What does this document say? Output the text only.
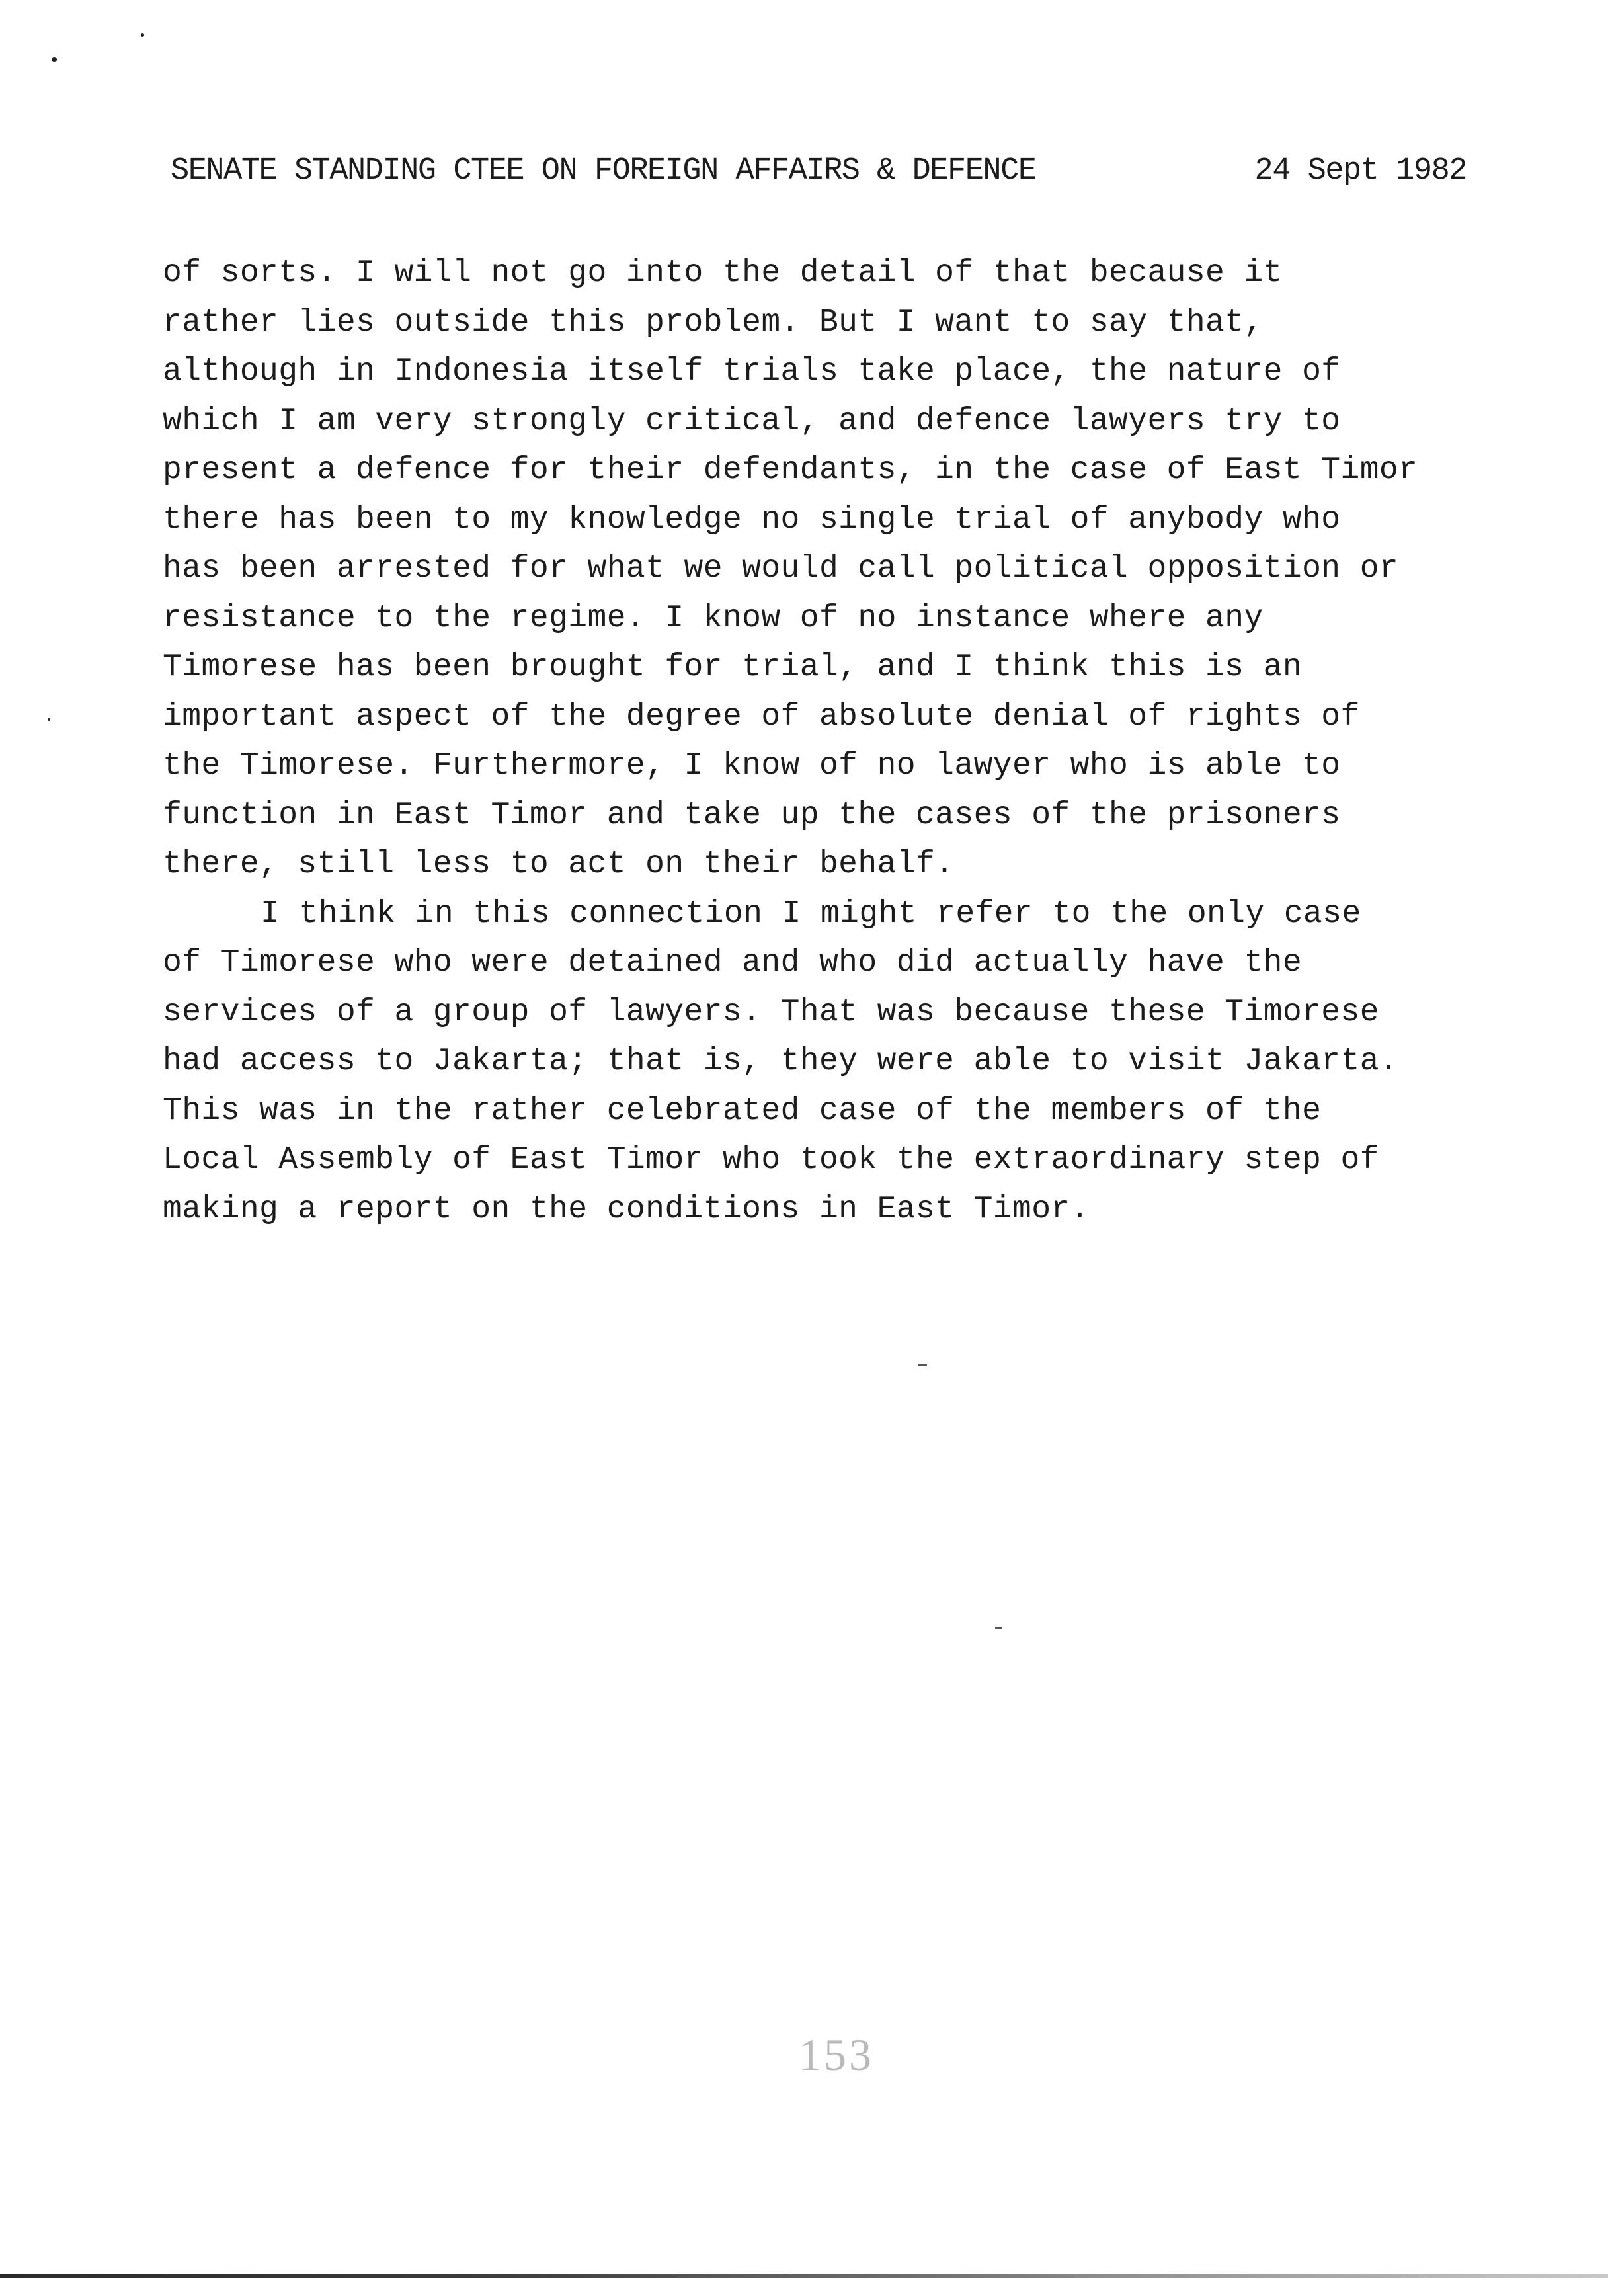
SENATE STANDING CTEE ON FOREIGN AFFAIRS & DEFENCE	24 Sept 1982
of sorts. I will not go into the detail of that because it
rather lies outside this problem. But I want to say that,
although in Indonesia itself trials take place, the nature of
which I am very strongly critical, and defence lawyers try to
present a defence for their defendants, in the case of East Timor
there has been to my knowledge no single trial of anybody who
has been arrested for what we would call political opposition or
resistance to the regime. I know of no instance where any
Timorese has been brought for trial, and I think this is an
important aspect of the degree of absolute denial of rights of
the Timorese. Furthermore, I know of no lawyer who is able to
function in East Timor and take up the cases of the prisoners
there, still less to act on their behalf.
I think in this connection I might refer to the only case
of Timorese who were detained and who did actually have the
services of a group of lawyers. That was because these Timorese
had access to Jakarta; that is, they were able to visit Jakarta.
This was in the rather celebrated case of the members of the
Local Assembly of East Timor who took the extraordinary step of
making a report on the conditions in East Timor.
153
